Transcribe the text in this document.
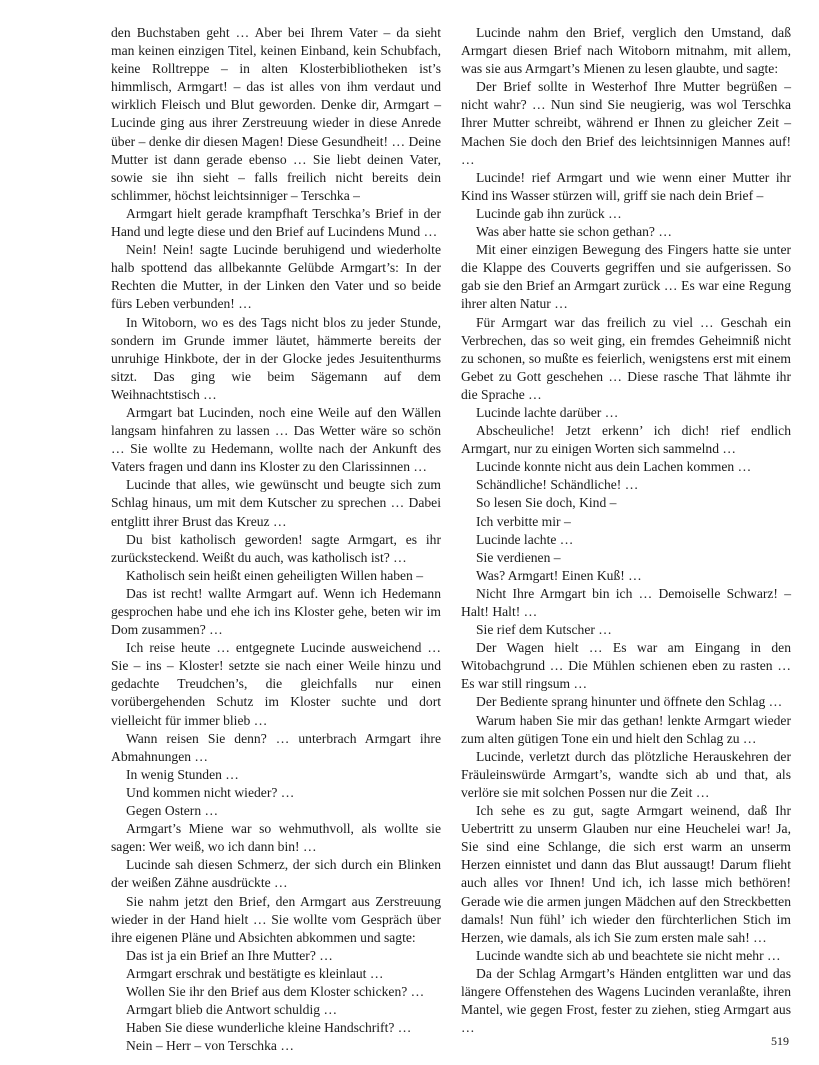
den Buchstaben geht … Aber bei Ihrem Vater – da sieht man keinen einzigen Titel, keinen Einband, kein Schubfach, keine Rolltreppe – in alten Klosterbibliotheken ist’s himmlisch, Armgart! – das ist alles von ihm verdaut und wirklich Fleisch und Blut geworden. Denke dir, Armgart – Lucinde ging aus ihrer Zerstreuung wieder in diese Anrede über – denke dir diesen Magen! Diese Gesundheit! … Deine Mutter ist dann gerade ebenso … Sie liebt deinen Vater, sowie sie ihn sieht – falls freilich nicht bereits dein schlimmer, höchst leichtsinniger – Terschka –

Armgart hielt gerade krampfhaft Terschka’s Brief in der Hand und legte diese und den Brief auf Lucindens Mund …

Nein! Nein! sagte Lucinde beruhigend und wiederholte halb spottend das allbekannte Gelübde Armgart’s: In der Rechten die Mutter, in der Linken den Vater und so beide fürs Leben verbunden! …

In Witoborn, wo es des Tags nicht blos zu jeder Stunde, sondern im Grunde immer läutet, hämmerte bereits der unruhige Hinkbote, der in der Glocke jedes Jesuitenthurms sitzt. Das ging wie beim Sägemann auf dem Weihnachtstisch …

Armgart bat Lucinden, noch eine Weile auf den Wällen langsam hinfahren zu lassen … Das Wetter wäre so schön … Sie wollte zu Hedemann, wollte nach der Ankunft des Vaters fragen und dann ins Kloster zu den Clarissinnen …

Lucinde that alles, wie gewünscht und beugte sich zum Schlag hinaus, um mit dem Kutscher zu sprechen … Dabei entglitt ihrer Brust das Kreuz …

Du bist katholisch geworden! sagte Armgart, es ihr zurücksteckend. Weißt du auch, was katholisch ist? …

Katholisch sein heißt einen geheiligten Willen haben –

Das ist recht! wallte Armgart auf. Wenn ich Hedemann gesprochen habe und ehe ich ins Kloster gehe, beten wir im Dom zusammen? …

Ich reise heute … entgegnete Lucinde ausweichend … Sie – ins – Kloster! setzte sie nach einer Weile hinzu und gedachte Treudchen’s, die gleichfalls nur einen vorübergehenden Schutz im Kloster suchte und dort vielleicht für immer blieb …

Wann reisen Sie denn? … unterbrach Armgart ihre Abmahnungen …

In wenig Stunden …

Und kommen nicht wieder? …

Gegen Ostern …

Armgart’s Miene war so wehmuthvoll, als wollte sie sagen: Wer weiß, wo ich dann bin! …

Lucinde sah diesen Schmerz, der sich durch ein Blinken der weißen Zähne ausdrückte …

Sie nahm jetzt den Brief, den Armgart aus Zerstreuung wieder in der Hand hielt … Sie wollte vom Gespräch über ihre eigenen Pläne und Absichten abkommen und sagte:

Das ist ja ein Brief an Ihre Mutter? …

Armgart erschrak und bestätigte es kleinlaut …

Wollen Sie ihr den Brief aus dem Kloster schicken? …

Armgart blieb die Antwort schuldig …

Haben Sie diese wunderliche kleine Handschrift? …

Nein – Herr – von Terschka …

Lucinde nahm den Brief, verglich den Umstand, daß Armgart diesen Brief nach Witoborn mitnahm, mit allem, was sie aus Armgart’s Mienen zu lesen glaubte, und sagte:

Der Brief sollte in Westerhof Ihre Mutter begrüßen – nicht wahr? … Nun sind Sie neugierig, was wol Terschka Ihrer Mutter schreibt, während er Ihnen zu gleicher Zeit – Machen Sie doch den Brief des leichtsinnigen Mannes auf! …

Lucinde! rief Armgart und wie wenn einer Mutter ihr Kind ins Wasser stürzen will, griff sie nach dein Brief –

Lucinde gab ihn zurück …

Was aber hatte sie schon gethan? …

Mit einer einzigen Bewegung des Fingers hatte sie unter die Klappe des Couverts gegriffen und sie aufgerissen. So gab sie den Brief an Armgart zurück … Es war eine Regung ihrer alten Natur …

Für Armgart war das freilich zu viel … Geschah ein Verbrechen, das so weit ging, ein fremdes Geheimniß nicht zu schonen, so mußte es feierlich, wenigstens erst mit einem Gebet zu Gott geschehen … Diese rasche That lähmte ihr die Sprache …

Lucinde lachte darüber …

Abscheuliche! Jetzt erkenn’ ich dich! rief endlich Armgart, nur zu einigen Worten sich sammelnd …

Lucinde konnte nicht aus dein Lachen kommen …

Schändliche! Schändliche! …

So lesen Sie doch, Kind –

Ich verbitte mir –

Lucinde lachte …

Sie verdienen –

Was? Armgart! Einen Kuß! …

Nicht Ihre Armgart bin ich … Demoiselle Schwarz! – Halt! Halt! …

Sie rief dem Kutscher …

Der Wagen hielt … Es war am Eingang in den Witobachgrund … Die Mühlen schienen eben zu rasten … Es war still ringsum …

Der Bediente sprang hinunter und öffnete den Schlag …

Warum haben Sie mir das gethan! lenkte Armgart wieder zum alten gütigen Tone ein und hielt den Schlag zu …

Lucinde, verletzt durch das plötzliche Herauskehren der Fräuleinswürde Armgart’s, wandte sich ab und that, als verlöre sie mit solchen Possen nur die Zeit …

Ich sehe es zu gut, sagte Armgart weinend, daß Ihr Uebertritt zu unserm Glauben nur eine Heuchelei war! Ja, Sie sind eine Schlange, die sich erst warm an unserm Herzen einnistet und dann das Blut aussaugt! Darum flieht auch alles vor Ihnen! Und ich, ich lasse mich bethören! Gerade wie die armen jungen Mädchen auf den Streckbetten damals! Nun fühl’ ich wieder den fürchterlichen Stich im Herzen, wie damals, als ich Sie zum ersten male sah! …

Lucinde wandte sich ab und beachtete sie nicht mehr …

Da der Schlag Armgart’s Händen entglitten war und das längere Offenstehen des Wagens Lucinden veranlaßte, ihren Mantel, wie gegen Frost, fester zu ziehen, stieg Armgart aus …

519
